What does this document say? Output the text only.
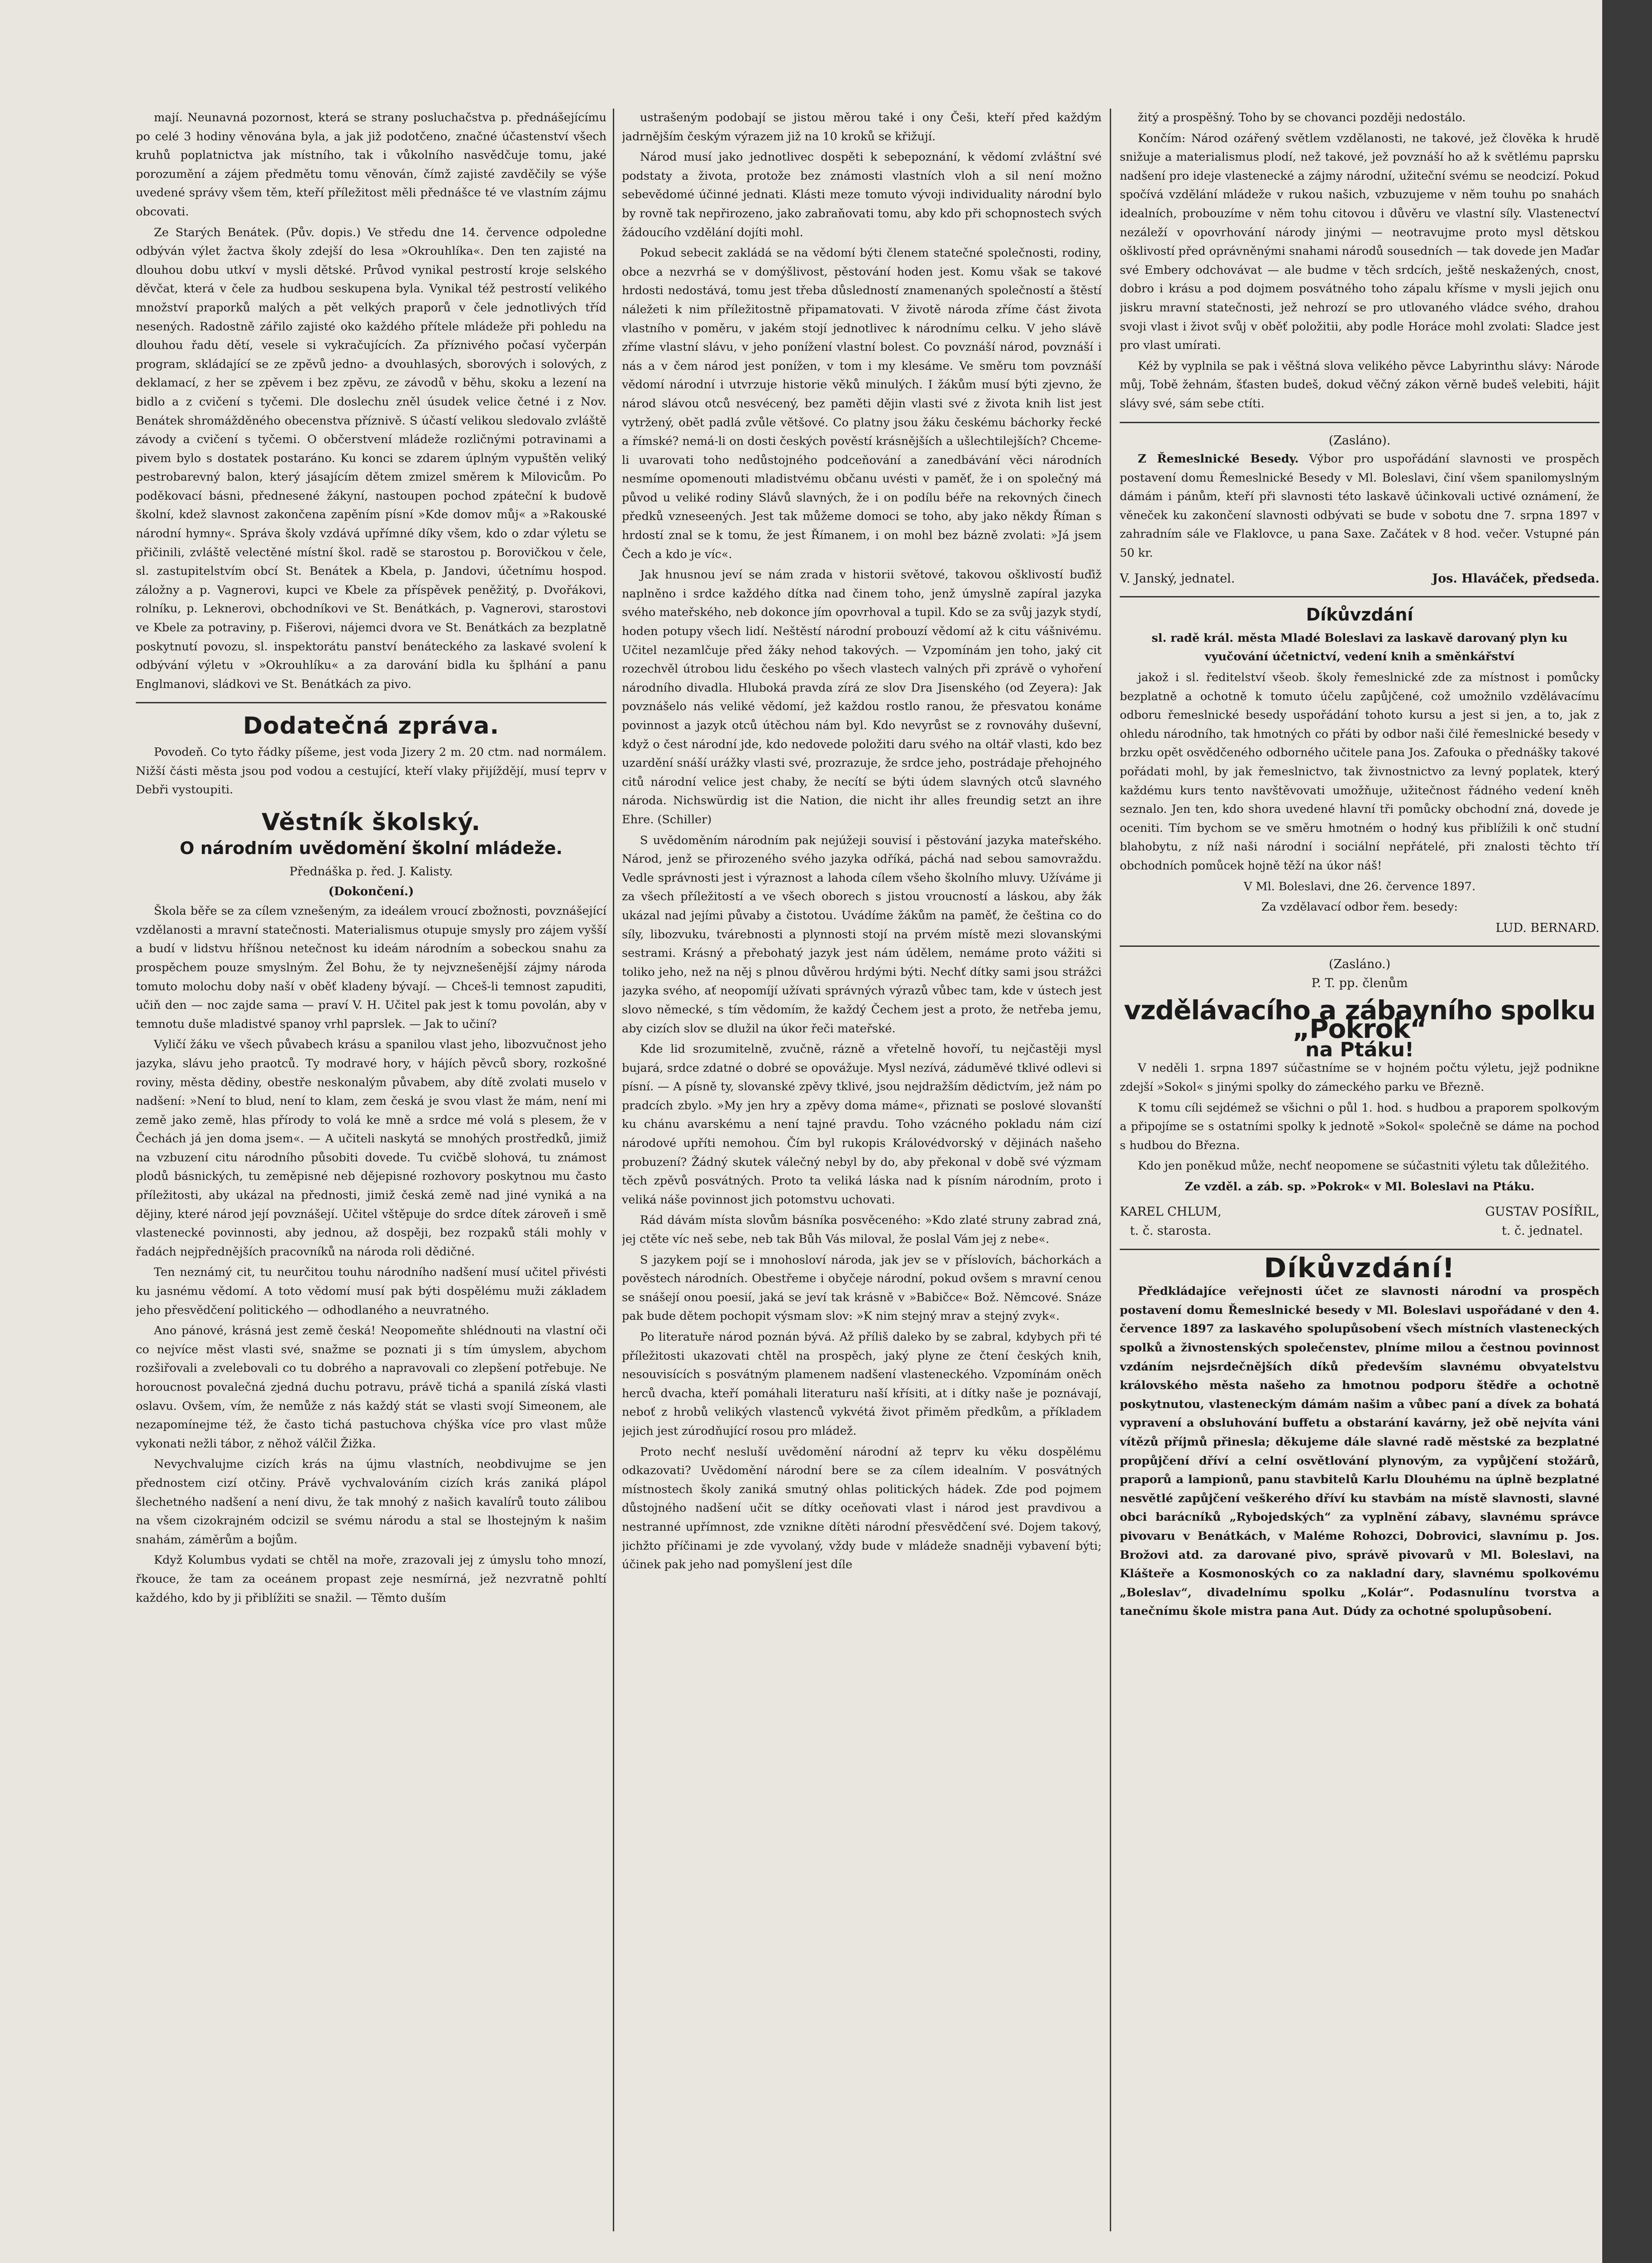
mají. Neunavná pozornost, která se strany posluchačstva p. přednášejícímu po celé 3 hodiny věnována byla, a jak již podotčeno, značné účastenství všech kruhů poplatnictva jak místního, tak i vůkolního nasvědčuje tomu, jaké porozumění a zájem předmětu tomu věnován, čímž zajisté zavděčily se výše uvedené správy všem těm, kteří příležitost měli přednášce té ve vlastním zájmu obcovati.

Ze Starých Benátek. (Pův. dopis.) Ve středu dne 14. července odpoledne odbýván výlet žactva školy zdejší do lesa »Okrouhlíka«. Den ten zajisté na dlouhou dobu utkví v mysli dětské. Průvod vynikal pestrostí kroje selského děvčat, která v čele za hudbou seskupena byla. Vynikal též pestrostí velikého množství praporků malých a pět velkých praporů v čele jednotlivých tříd nesených. Radostně zářilo zajisté oko každého přítele mládeže při pohledu na dlouhou řadu dětí, vesele si vykračujících. Za příznivého počasí vyčerpán program, skládající se ze zpěvů jedno- a dvouhlasých, sborových i solových, z deklamací, z her se zpěvem i bez zpěvu, ze závodů v běhu, skoku a lezení na bidlo a z cvičení s tyčemi. Dle doslechu zněl úsudek velice četné i z Nov. Benátek shromážděného obecenstva příznivě. S účastí velikou sledovalo zvláště závody a cvičení s tyčemi. O občerstvení mládeže rozličnými potravinami a pivem bylo s dostatek postaráno. Ku konci se zdarem úplným vypuštěn veliký pestrobarevný balon, který jásajícím dětem zmizel směrem k Milovicům. Po poděkovací básni, přednesené žákyní, nastoupen pochod zpáteční k budově školní, kdež slavnost zakončena zapěním písní »Kde domov můj« a »Rakouské národní hymny«. Správa školy vzdává upřímné díky všem, kdo o zdar výletu se přičinili, zvláště velectěné místní škol. radě se starostou p. Borovičkou v čele, sl. zastupitelstvím obcí St. Benátek a Kbela, p. Jandovi, účetnímu hospod. záložny a p. Vagnerovi, kupci ve Kbele za příspěvek peněžitý, p. Dvořákovi, rolníku, p. Leknerovi, obchodníkovi ve St. Benátkách, p. Vagnerovi, starostovi ve Kbele za potraviny, p. Fišerovi, nájemci dvora ve St. Benátkách za bezplatně poskytnutí povozu, sl. inspektorátu panství benáteckého za laskavé svolení k odbývání výletu v »Okrouhlíku« a za darování bidla ku šplhání a panu Englmanovi, sládkovi ve St. Benátkách za pivo.

Dodatečná zpráva.

Povodeň. Co tyto řádky píšeme, jest voda Jizery 2 m. 20 ctm. nad normálem. Nižší části města jsou pod vodou a cestující, kteří vlaky přijíždějí, musí teprv v Debři vystoupiti.

Věstník školský.
O národním uvědomění školní mládeže.
Přednáška p. řed. J. Kalisty.
(Dokončení.)

Škola běře se za cílem vznešeným, za ideálem vroucí zbožnosti, povznášející vzdělanosti a mravní statečnosti. Materialismus otupuje smysly pro zájem vyšší a budí v lidstvu hříšnou netečnost ku ideám národním a sobeckou snahu za prospěchem pouze smyslným. Žel Bohu, že ty nejvznešenější zájmy národa tomuto molochu doby naší v oběť kladeny bývají. — Chceš-li temnost zapuditi, učiň den — noc zajde sama — praví V. H. Učitel pak jest k tomu povolán, aby v temnotu duše mladistvé spanoy vrhl paprslek. — Jak to učiní?

Vyličí žáku ve všech půvabech krásu a spanilou vlast jeho, libozvučnost jeho jazyka, slávu jeho praotců. Ty modravé hory, v hájích pěvců sbory, rozkošné roviny, města dědiny, obestře neskonalým půvabem, aby dítě zvolati muselo v nadšení: »Není to blud, není to klam, zem česká je svou vlast že mám, není mi země jako země, hlas přírody to volá ke mně a srdce mé volá s plesem, že v Čechách já jen doma jsem«. — A učiteli naskytá se mnohých prostředků, jimiž na vzbuzení citu národního působiti dovede. Tu cvičbě slohová, tu známost plodů básnických, tu zeměpisné neb dějepisné rozhovory poskytnou mu často příležitosti, aby ukázal na přednosti, jimiž česká země nad jiné vyniká a na dějiny, které národ její povznášejí. Učitel vštěpuje do srdce dítek zároveň i smě vlastenecké povinnosti, aby jednou, až dospěji, bez rozpaků stáli mohly v řadách nejpřednějších pracovníků na národa roli dědičné.

Ten neznámý cit, tu neurčitou touhu národního nadšení musí učitel přivésti ku jasnému vědomí. A toto vědomí musí pak býti dospělému muži základem jeho přesvědčení politického — odhodlaného a neuvratného.

Ano pánové, krásná jest země česká! Neopomeňte shlédnouti na vlastní oči co nejvíce měst vlasti své, snažme se poznati ji s tím úmyslem, abychom rozšiřovali a zvelebovali co tu dobrého a napravovali co zlepšení potřebuje. Ne horoucnost povalečná zjedná duchu potravu, právě tichá a spanilá získá vlasti oslavu. Ovšem, vím, že nemůže z nás každý stát se vlasti svojí Simeonem, ale nezapomínejme též, že často tichá pastuchova chýška více pro vlast může vykonati nežli tábor, z něhož válčil Žižka.

Nevychvalujme cizích krás na újmu vlastních, neobdivujme se jen přednostem cizí otčiny. Právě vychvalováním cizích krás zaniká plápol šlechetného nadšení a není divu, že tak mnohý z našich kavalírů touto zálibou na všem cizokrajném odcizil se svému národu a stal se lhostejným k našim snahám, záměrům a bojům.

Když Kolumbus vydati se chtěl na moře, zrazovali jej z úmyslu toho mnozí, řkouce, že tam za oceánem propast zeje nesmírná, jež nezvratně pohltí každého, kdo by ji přiblížiti se snažil. — Těmto duším

ustrašeným podobají se jistou měrou také i ony Češi, kteří před každým jadrnějším českým výrazem již na 10 kroků se křižují.

Národ musí jako jednotlivec dospěti k sebepoznání, k vědomí zvláštní své podstaty a života, protože bez známosti vlastních vloh a sil není možno sebevědomé účinné jednati. Klásti meze tomuto vývoji individuality národní bylo by rovně tak nepřirozeno, jako zabraňovati tomu, aby kdo při schopnostech svých žádoucího vzdělání dojíti mohl.

Pokud sebecit zakládá se na vědomí býti členem statečné společnosti, rodiny, obce a nezvrhá se v domýšlivost, pěstování hoden jest. Komu však se takové hrdosti nedostává, tomu jest třeba důsledností znamenaných společností a štěstí náležeti k nim příležitostně připamatovati. V životě národa zříme část života vlastního v poměru, v jakém stojí jednotlivec k národnímu celku. V jeho slávě zříme vlastní slávu, v jeho ponížení vlastní bolest. Co povznáší národ, povznáší i nás a v čem národ jest ponížen, v tom i my klesáme. Ve směru tom povznáší vědomí národní i utvrzuje historie věků minulých. I žákům musí býti zjevno, že národ slávou otců nesvécený, bez paměti dějin vlasti své z života knih list jest vytržený, obět padlá zvůle většové. Co platny jsou žáku českému báchorky řecké a římské? nemá-li on dosti českých pověstí krásnějších a ušlechtilejších? Chceme-li uvarovati toho nedůstojného podceňování a zanedbávání věci národních nesmíme opomenouti mladistvému občanu uvésti v paměť, že i on společný má původ u veliké rodiny Slávů slavných, že i on podílu béře na rekovných činech předků vzneseených. Jest tak můžeme domoci se toho, aby jako někdy Říman s hrdostí znal se k tomu, že jest Římanem, i on mohl bez bázně zvolati: »Já jsem Čech a kdo je víc«.

Jak hnusnou jeví se nám zrada v historii světové, takovou ošklivostí buďiž naplněno i srdce každého dítka nad činem toho, jenž úmyslně zapíral jazyka svého mateřského, neb dokonce jím opovrhoval a tupil. Kdo se za svůj jazyk stydí, hoden potupy všech lidí. Neštěstí národní probouzí vědomí až k citu vášnivému. Učitel nezamlčuje před žáky nehod takových. — Vzpomínám jen toho, jaký cit rozechvěl útrobou lidu českého po všech vlastech valných při zprávě o vyhoření národního divadla. Hluboká pravda zírá ze slov Dra Jisenského (od Zeyera): Jak povznášelo nás veliké vědomí, jež každou rostlo ranou, že přesvatou konáme povinnost a jazyk otců útěchou nám byl. Kdo nevyrůst se z rovnováhy duševní, když o čest národní jde, kdo nedovede položiti daru svého na oltář vlasti, kdo bez uzardění snáší urážky vlasti své, prozrazuje, že srdce jeho, postrádaje přehojného citů národní velice jest chaby, že necítí se býti údem slavných otců slavného národa. Nichswürdig ist die Nation, die nicht ihr alles freundig setzt an ihre Ehre. (Schiller)

S uvědoměním národním pak nejúžeji souvisí i pěstování jazyka mateřského. Národ, jenž se přirozeného svého jazyka odříká, páchá nad sebou samovraždu. Vedle správnosti jest i výraznost a lahoda cílem všeho školního mluvy. Užíváme ji za všech příležitostí a ve všech oborech s jistou vroucností a láskou, aby žák ukázal nad jejími půvaby a čistotou. Uvádíme žákům na paměť, že čeština co do síly, libozvuku, tvárebnosti a plynnosti stojí na prvém místě mezi slovanskými sestrami. Krásný a přebohatý jazyk jest nám údělem, nemáme proto vážiti si toliko jeho, než na něj s plnou důvěrou hrdými býti. Nechť dítky sami jsou strážci jazyka svého, ať neopomíjí užívati správných výrazů vůbec tam, kde v ústech jest slovo německé, s tím vědomím, že každý Čechem jest a proto, že netřeba jemu, aby cizích slov se dlužil na úkor řeči mateřské.

Kde lid srozumitelně, zvučně, rázně a vřetelně hovoří, tu nejčastěji mysl bujará, srdce zdatné o dobré se opovážuje. Mysl nezívá, záduměvé tklivé odlevi si písní. — A písně ty, slovanské zpěvy tklivé, jsou nejdražším dědictvím, jež nám po pradcích zbylo. »My jen hry a zpěvy doma máme«, přiznati se poslové slovanští ku chánu avarskému a není tajné pravdu. Toho vzácného pokladu nám cizí národové upříti nemohou. Čím byl rukopis Královédvorský v dějinách našeho probuzení? Žádný skutek válečný nebyl by do, aby překonal v době své výzmam těch zpěvů posvátných. Proto ta veliká láska nad k písním národním, proto i veliká náše povinnost jich potomstvu uchovati.

Rád dávám místa slovům básníka posvěceného: »Kdo zlaté struny zabrad zná, jej ctěte víc neš sebe, neb tak Bůh Vás miloval, že poslal Vám jej z nebe«.

S jazykem pojí se i mnohosloví národa, jak jev se v příslovích, báchorkách a pověstech národních. Obestřeme i obyčeje národní, pokud ovšem s mravní cenou se snášejí onou poesií, jaká se jeví tak krásně v »Babičce« Bož. Němcové. Snáze pak bude dětem pochopit výsmam slov: »K nim stejný mrav a stejný zvyk«.

Po literatuře národ poznán bývá. Až příliš daleko by se zabral, kdybych při té příležitosti ukazovati chtěl na prospěch, jaký plyne ze čtení českých knih, nesouvisících s posvátným plamenem nadšení vlasteneckého. Vzpomínám oněch herců dvacha, kteří pomáhali literaturu naší křísiti, at i dítky naše je poznávají, neboť z hrobů velikých vlastenců vykvétá život přiměm předkům, a příkladem jejich jest zúrodňující rosou pro mládež.

Proto nechť nesluší uvědomění národní až teprv ku věku dospělému odkazovati? Uvědomění národní bere se za cílem idealním. V posvátných místnostech školy zaniká smutný ohlas politických hádek. Zde pod pojmem důstojného nadšení učit se dítky oceňovati vlast i národ jest pravdivou a nestranné upřímnost, zde vznikne dítěti národní přesvědčení své. Dojem takový, jichžto příčinami je zde vyvolaný, vždy bude v mládeže snadněji vybavení býti; účinek pak jeho nad pomyšlení jest díle

žitý a prospěšný. Toho by se chovanci později nedostálo.

Končím: Národ ozářený světlem vzdělanosti, ne takové, jež člověka k hrudě snižuje a materialismus plodí, než takové, jež povznáší ho až k světlému paprsku nadšení pro ideje vlastenecké a zájmy národní, užiteční svému se neodcizí. Pokud spočívá vzdělání mládeže v rukou našich, vzbuzujeme v něm touhu po snahách idealních, probouzíme v něm tohu citovou i důvěru ve vlastní síly. Vlastenectví nezáleží v opovrhování národy jinými — neotravujme proto mysl dětskou ošklivostí před oprávněnými snahami národů sousedních — tak dovede jen Maďar své Embery odchovávat — ale budme v těch srdcích, ještě neskažených, cnost, dobro i krásu a pod dojmem posvátného toho zápalu křísme v mysli jejich onu jiskru mravní statečnosti, jež nehrozí se pro utlovaného vládce svého, drahou svoji vlast i život svůj v oběť položitii, aby podle Horáce mohl zvolati: Sladce jest pro vlast umírati.

Kéž by vyplnila se pak i věštná slova velikého pěvce Labyrinthu slávy: Národe můj, Tobě žehnám, šťasten budeš, dokud věčný zákon věrně budeš velebiti, hájit slávy své, sám sebe ctíti.

(Zasláno).

Z Řemeslnické Besedy. Výbor pro uspořádání slavnosti ve prospěch postavení domu Řemeslnické Besedy v Ml. Boleslavi, činí všem spanilomyslným dámám i pánům, kteří při slavnosti této laskavě účinkovali uctivé oznámení, že věneček ku zakončení slavnosti odbývati se bude v sobotu dne 7. srpna 1897 v zahradním sále ve Flaklovce, u pana Saxe. Začátek v 8 hod. večer. Vstupné pán 50 kr.

V. Janský, jednatel.	Jos. Hlaváček, předseda.
Díkůvzdání

sl. radě král. města Mladé Boleslavi za laskavě darovaný plyn ku vyučování účetnictví, vedení knih a směnkářství

jakož i sl. ředitelství všeob. školy řemeslnické zde za místnost i pomůcky bezplatně a ochotně k tomuto účelu zapůjčené, což umožnilo vzdělávacímu odboru řemeslnické besedy uspořádání tohoto kursu a jest si jen, a to, jak z ohledu národního, tak hmotných co přáti by odbor naši čilé řemeslnické besedy v brzku opět osvědčeného odborného učitele pana Jos. Zafouka o přednášky takové pořádati mohl, by jak řemeslnictvo, tak živnostnictvo za levný poplatek, který každému kurs tento navštěvovati umožňuje, užitečnost řádného vedení kněh seznalo. Jen ten, kdo shora uvedené hlavní tři pomůcky obchodní zná, dovede je oceniti. Tím bychom se ve směru hmotném o hodný kus přiblížili k onč studní blahobytu, z níž naši národní i sociální nepřátelé, při znalosti těchto tří obchodních pomůcek hojně těží na úkor náš!

V Ml. Boleslavi, dne 26. července 1897.

Za vzdělavací odbor řem. besedy:

LUD. BERNARD.
(Zasláno.)
P. T. pp. členům
vzdělávacího a zábavního spolku „Pokrok“
na Ptáku!

V neděli 1. srpna 1897 súčastníme se v hojném počtu výletu, jejž podnikne zdejší »Sokol« s jinými spolky do zámeckého parku ve Březně.

K tomu cíli sejdémež se všichni o půl 1. hod. s hudbou a praporem spolkovým a připojíme se s ostatními spolky k jednotě »Sokol« společně se dáme na pochod s hudbou do Března.

Kdo jen poněkud může, nechť neopomene se súčastniti výletu tak důležitého.

Ze vzděl. a záb. sp. »Pokrok« v Ml. Boleslavi na Ptáku.

KAREL CHLUM,
t. č. starosta.
GUSTAV POSÍŘIL,
t. č. jednatel.
Díkůvzdání!

Předkládajíce veřejnosti účet ze slavnosti národní va prospěch postavení domu Řemeslnické besedy v Ml. Boleslavi uspořádané v den 4. července 1897 za laskavého spolupůsobení všech místních vlasteneckých spolků a živnostenských společenstev, plníme milou a čestnou povinnost vzdáním nejsrdečnějších díků především slavnému obvyatelstvu královského města našeho za hmotnou podporu štědře a ochotně poskytnutou, vlasteneckým dámám našim a vůbec paní a dívek za bohatá vypravení a obsluhování buffetu a obstarání kavárny, jež obě nejvíta váni vítězů příjmů přinesla; děkujeme dále slavné radě městské za bezplatné propůjčení dříví a celní osvětlování plynovým, za vypůjčení stožárů, praporů a lampionů, panu stavbitelů Karlu Dlouhému na úplně bezplatné nesvětlé zapůjčení veškerého dříví ku stavbám na místě slavnosti, slavné obci barácníků „Rybojedských“ za vyplnění zábavy, slavnému správce pivovaru v Benátkách, v Maléme Rohozci, Dobrovici, slavnímu p. Jos. Brožovi atd. za darované pivo, správě pivovarů v Ml. Boleslavi, na Klášteře a Kosmonoských co za nakladní dary, slavnému spolkovému „Boleslav“, divadelnímu spolku „Kolár“. Podasnulínu tvorstva a tanečnímu škole mistra pana Aut. Dúdy za ochotné spolupůsobení.
